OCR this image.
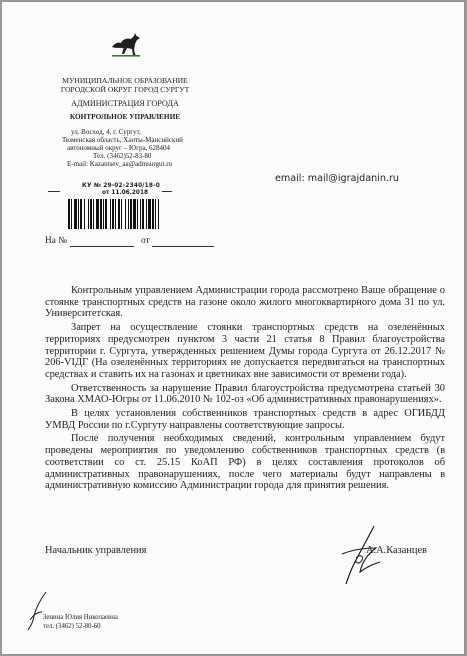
МУНИЦИПАЛЬНОЕ ОБРАЗОВАНИЕ
ГОРОДСКОЙ ОКРУГ ГОРОД СУРГУТ
АДМИНИСТРАЦИЯ ГОРОДА
КОНТРОЛЬНОЕ УПРАВЛЕНИЕ
ул. Восход, 4, г. Сургут,
Тюменская область, Ханты-Мансийский
автономный округ – Югра, 628404
Тел. (3462)52-83-80
E-mail: Kazantsev_aa@admsurgut.ru
email: mail@igrajdanin.ru
КУ № 29-02-2340/18-0
от 11.06.2018
На №	от

Контрольным управлением Администрации города рассмотрено Ваше обращение о стоянке транспортных средств на газоне около жилого многоквартирного дома 31 по ул. Университетская.

Запрет на осуществление стоянки транспортных средств на озеленённых территориях предусмотрен пунктом 3 части 21 статья 8 Правил благоустройства территории г. Сургута, утвержденных решением Думы города Сургута от 26.12.2017 № 206-VIДГ (На озеленённых территориях не допускается передвигаться на транспортных средствах и ставить их на газонах и цветниках вне зависимости от времени года).

Ответственность за нарушение Правил благоустройства предусмотрена статьей 30 Закона ХМАО-Югры от 11.06.2010 № 102-оз «Об административных правонарушениях».

В целях установления собственников транспортных средств в адрес ОГИБДД УМВД России по г.Сургуту направлены соответствующие запросы.

После получения необходимых сведений, контрольным управлением будут проведены мероприятия по уведомлению собственников транспортных средств (в соответствии со ст. 25.15 КоАП РФ) в целях составления протоколов об административных правонарушениях, после чего материалы будут направлены в административную комиссию Администрации города для принятия решения.

Начальник управления	А.А.Казанцев
Зенина Юлия Николаевна
тел. (3462) 52-80-60
